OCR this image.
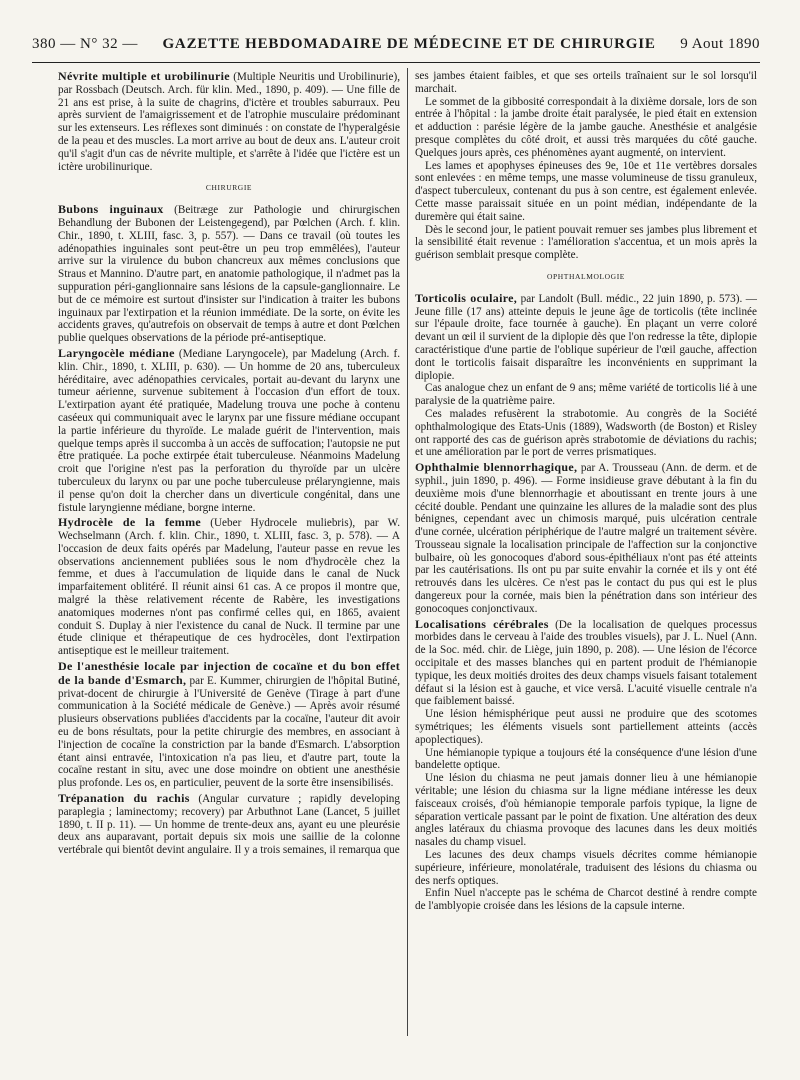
380 — N° 32 — GAZETTE HEBDOMADAIRE DE MÉDECINE ET DE CHIRURGIE 9 Aout 1890

Névrite multiple et urobilinurie (Multiple Neuritis und Urobilinurie), par Rossbach (Deutsch. Arch. für klin. Med., 1890, p. 409). — Une fille de 21 ans est prise, à la suite de chagrins, d'ictère et troubles saburraux. Peu après survient de l'amaigrissement et de l'atrophie musculaire prédominant sur les extenseurs. Les réflexes sont diminués : on constate de l'hyperalgésie de la peau et des muscles. La mort arrive au bout de deux ans. L'auteur croit qu'il s'agit d'un cas de névrite multiple, et s'arrête à l'idée que l'ictère est un ictère urobilinurique.

CHIRURGIE

Bubons inguinaux (Beitræge zur Pathologie und chirurgischen Behandlung der Bubonen der Leistengegend), par Pœlchen (Arch. f. klin. Chir., 1890, t. XLIII, fasc. 3, p. 557). — Dans ce travail (où toutes les adénopathies inguinales sont peut-être un peu trop emmêlées), l'auteur arrive sur la virulence du bubon chancreux aux mêmes conclusions que Straus et Mannino. D'autre part, en anatomie pathologique, il n'admet pas la suppuration péri-ganglionnaire sans lésions de la capsule-ganglionnaire. Le but de ce mémoire est surtout d'insister sur l'indication à traiter les bubons inguinaux par l'extirpation et la réunion immédiate. De la sorte, on évite les accidents graves, qu'autrefois on observait de temps à autre et dont Pœlchen publie quelques observations de la période pré-antiseptique.

Laryngocèle médiane (Mediane Laryngocele), par Madelung (Arch. f. klin. Chir., 1890, t. XLIII, p. 630). — Un homme de 20 ans, tuberculeux héréditaire, avec adénopathies cervicales, portait au-devant du larynx une tumeur aérienne, survenue subitement à l'occasion d'un effort de toux. L'extirpation ayant été pratiquée, Madelung trouva une poche à contenu caséeux qui communiquait avec le larynx par une fissure médiane occupant la partie inférieure du thyroïde. Le malade guérit de l'intervention, mais quelque temps après il succomba à un accès de suffocation; l'autopsie ne put être pratiquée. La poche extirpée était tuberculeuse. Néanmoins Madelung croit que l'origine n'est pas la perforation du thyroïde par un ulcère tuberculeux du larynx ou par une poche tuberculeuse prélaryngienne, mais il pense qu'on doit la chercher dans un diverticule congénital, dans une fistule laryngienne médiane, borgne interne.

Hydrocèle de la femme (Ueber Hydrocele muliebris), par W. Wechselmann (Arch. f. klin. Chir., 1890, t. XLIII, fasc. 3, p. 578). — A l'occasion de deux faits opérés par Madelung, l'auteur passe en revue les observations anciennement publiées sous le nom d'hydrocèle chez la femme, et dues à l'accumulation de liquide dans le canal de Nuck imparfaitement oblitéré. Il réunit ainsi 61 cas. A ce propos il montre que, malgré la thèse relativement récente de Rabère, les investigations anatomiques modernes n'ont pas confirmé celles qui, en 1865, avaient conduit S. Duplay à nier l'existence du canal de Nuck. Il termine par une étude clinique et thérapeutique de ces hydrocèles, dont l'extirpation antiseptique est le meilleur traitement.

De l'anesthésie locale par injection de cocaïne et du bon effet de la bande d'Esmarch, par E. Kummer, chirurgien de l'hôpital Butiné, privat-docent de chirurgie à l'Université de Genève (Tirage à part d'une communication à la Société médicale de Genève.) — Après avoir résumé plusieurs observations publiées d'accidents par la cocaïne, l'auteur dit avoir eu de bons résultats, pour la petite chirurgie des membres, en associant à l'injection de cocaïne la constriction par la bande d'Esmarch. L'absorption étant ainsi entravée, l'intoxication n'a pas lieu, et d'autre part, toute la cocaïne restant in situ, avec une dose moindre on obtient une anesthésie plus profonde. Les os, en particulier, peuvent de la sorte être insensibilisés.

Trépanation du rachis (Angular curvature ; rapidly developing paraplegia ; laminectomy; recovery) par Arbuthnot Lane (Lancet, 5 juillet 1890, t. II p. 11). — Un homme de trente-deux ans, ayant eu une pleurésie deux ans auparavant, portait depuis six mois une saillie de la colonne vertébrale qui bientôt devint angulaire. Il y a trois semaines, il remarqua que

ses jambes étaient faibles, et que ses orteils traînaient sur le sol lorsqu'il marchait.

Le sommet de la gibbosité correspondait à la dixième dorsale, lors de son entrée à l'hôpital : la jambe droite était paralysée, le pied était en extension et adduction : parésie légère de la jambe gauche. Anesthésie et analgésie presque complètes du côté droit, et aussi très marquées du côté gauche. Quelques jours après, ces phénomènes ayant augmenté, on intervient.

Les lames et apophyses épineuses des 9e, 10e et 11e vertèbres dorsales sont enlevées : en même temps, une masse volumineuse de tissu granuleux, d'aspect tuberculeux, contenant du pus à son centre, est également enlevée. Cette masse paraissait située en un point médian, indépendante de la duremère qui était saine.

Dès le second jour, le patient pouvait remuer ses jambes plus librement et la sensibilité était revenue : l'amélioration s'accentua, et un mois après la guérison semblait presque complète.

OPHTHALMOLOGIE

Torticolis oculaire, par Landolt (Bull. médic., 22 juin 1890, p. 573). — Jeune fille (17 ans) atteinte depuis le jeune âge de torticolis (tête inclinée sur l'épaule droite, face tournée à gauche). En plaçant un verre coloré devant un œil il survient de la diplopie dès que l'on redresse la tête, diplopie caractéristique d'une partie de l'oblique supérieur de l'œil gauche, affection dont le torticolis faisait disparaître les inconvénients en supprimant la diplopie.

Cas analogue chez un enfant de 9 ans; même variété de torticolis lié à une paralysie de la quatrième paire.

Ces malades refusèrent la strabotomie. Au congrès de la Société ophthalmologique des Etats-Unis (1889), Wadsworth (de Boston) et Risley ont rapporté des cas de guérison après strabotomie de déviations du rachis; et une amélioration par le port de verres prismatiques.

Ophthalmie blennorrhagique, par A. Trousseau (Ann. de derm. et de syphil., juin 1890, p. 496). — Forme insidieuse grave débutant à la fin du deuxième mois d'une blennorrhagie et aboutissant en trente jours à une cécité double. Pendant une quinzaine les allures de la maladie sont des plus bénignes, cependant avec un chimosis marqué, puis ulcération centrale d'une cornée, ulcération périphérique de l'autre malgré un traitement sévère. Trousseau signale la localisation principale de l'affection sur la conjonctive bulbaire, où les gonocoques d'abord sous-épithéliaux n'ont pas été atteints par les cautérisations. Ils ont pu par suite envahir la cornée et ils y ont été retrouvés dans les ulcères. Ce n'est pas le contact du pus qui est le plus dangereux pour la cornée, mais bien la pénétration dans son intérieur des gonocoques conjonctivaux.

Localisations cérébrales (De la localisation de quelques processus morbides dans le cerveau à l'aide des troubles visuels), par J. L. Nuel (Ann. de la Soc. méd. chir. de Liège, juin 1890, p. 208). — Une lésion de l'écorce occipitale et des masses blanches qui en partent produit de l'hémianopie typique, les deux moitiés droites des deux champs visuels faisant totalement défaut si la lésion est à gauche, et vice versâ. L'acuité visuelle centrale n'a que faiblement baissé.

Une lésion hémisphérique peut aussi ne produire que des scotomes symétriques; les éléments visuels sont partiellement atteints (accès apoplectiques).

Une hémianopie typique a toujours été la conséquence d'une lésion d'une bandelette optique.

Une lésion du chiasma ne peut jamais donner lieu à une hémianopie véritable; une lésion du chiasma sur la ligne médiane intéresse les deux faisceaux croisés, d'où hémianopie temporale parfois typique, la ligne de séparation verticale passant par le point de fixation. Une altération des deux angles latéraux du chiasma provoque des lacunes dans les deux moitiés nasales du champ visuel.

Les lacunes des deux champs visuels décrites comme hémianopie supérieure, inférieure, monolatérale, traduisent des lésions du chiasma ou des nerfs optiques.

Enfin Nuel n'accepte pas le schéma de Charcot destiné à rendre compte de l'amblyopie croisée dans les lésions de la capsule interne.
